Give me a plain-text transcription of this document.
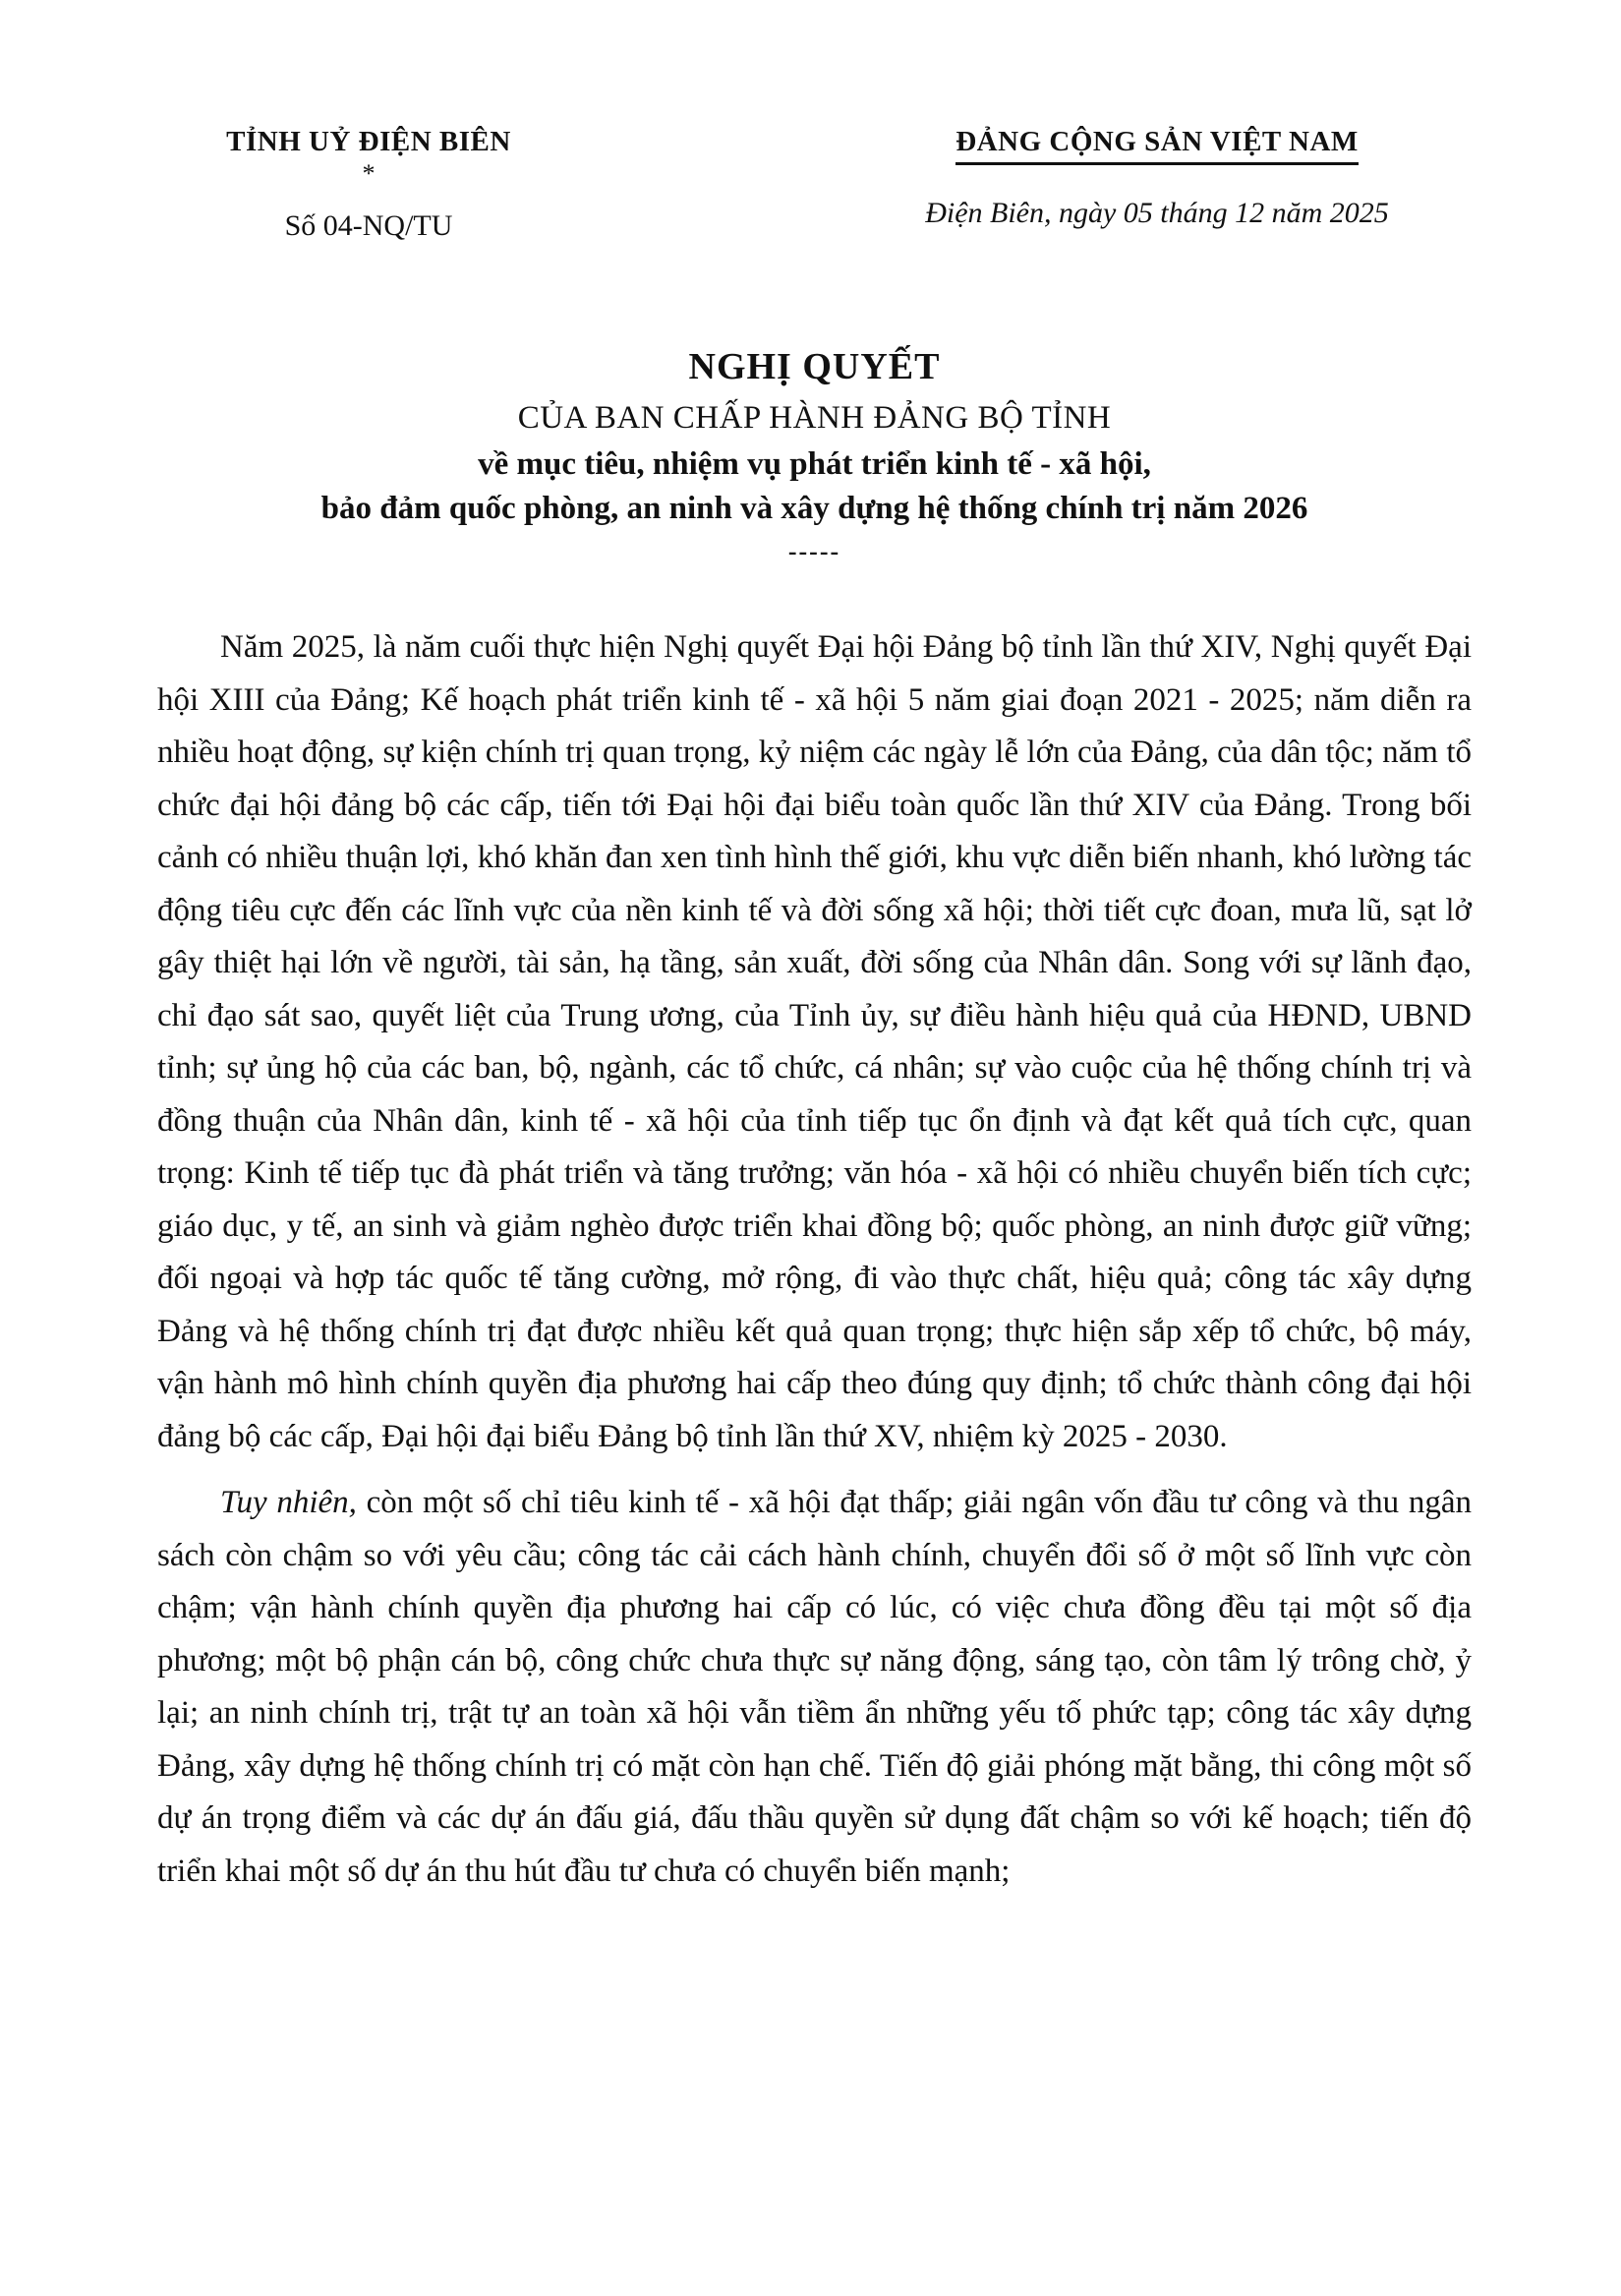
TỈNH UỶ ĐIỆN BIÊN
*
Số 04-NQ/TU
ĐẢNG CỘNG SẢN VIỆT NAM
Điện Biên, ngày 05 tháng 12 năm 2025
NGHỊ QUYẾT
CỦA BAN CHẤP HÀNH ĐẢNG BỘ TỈNH
về mục tiêu, nhiệm vụ phát triển kinh tế - xã hội,
bảo đảm quốc phòng, an ninh và xây dựng hệ thống chính trị năm 2026
-----

Năm 2025, là năm cuối thực hiện Nghị quyết Đại hội Đảng bộ tỉnh lần thứ XIV, Nghị quyết Đại hội XIII của Đảng; Kế hoạch phát triển kinh tế - xã hội 5 năm giai đoạn 2021 - 2025; năm diễn ra nhiều hoạt động, sự kiện chính trị quan trọng, kỷ niệm các ngày lễ lớn của Đảng, của dân tộc; năm tổ chức đại hội đảng bộ các cấp, tiến tới Đại hội đại biểu toàn quốc lần thứ XIV của Đảng. Trong bối cảnh có nhiều thuận lợi, khó khăn đan xen tình hình thế giới, khu vực diễn biến nhanh, khó lường tác động tiêu cực đến các lĩnh vực của nền kinh tế và đời sống xã hội; thời tiết cực đoan, mưa lũ, sạt lở gây thiệt hại lớn về người, tài sản, hạ tầng, sản xuất, đời sống của Nhân dân. Song với sự lãnh đạo, chỉ đạo sát sao, quyết liệt của Trung ương, của Tỉnh ủy, sự điều hành hiệu quả của HĐND, UBND tỉnh; sự ủng hộ của các ban, bộ, ngành, các tổ chức, cá nhân; sự vào cuộc của hệ thống chính trị và đồng thuận của Nhân dân, kinh tế - xã hội của tỉnh tiếp tục ổn định và đạt kết quả tích cực, quan trọng: Kinh tế tiếp tục đà phát triển và tăng trưởng; văn hóa - xã hội có nhiều chuyển biến tích cực; giáo dục, y tế, an sinh và giảm nghèo được triển khai đồng bộ; quốc phòng, an ninh được giữ vững; đối ngoại và hợp tác quốc tế tăng cường, mở rộng, đi vào thực chất, hiệu quả; công tác xây dựng Đảng và hệ thống chính trị đạt được nhiều kết quả quan trọng; thực hiện sắp xếp tổ chức, bộ máy, vận hành mô hình chính quyền địa phương hai cấp theo đúng quy định; tổ chức thành công đại hội đảng bộ các cấp, Đại hội đại biểu Đảng bộ tỉnh lần thứ XV, nhiệm kỳ 2025 - 2030.

Tuy nhiên, còn một số chỉ tiêu kinh tế - xã hội đạt thấp; giải ngân vốn đầu tư công và thu ngân sách còn chậm so với yêu cầu; công tác cải cách hành chính, chuyển đổi số ở một số lĩnh vực còn chậm; vận hành chính quyền địa phương hai cấp có lúc, có việc chưa đồng đều tại một số địa phương; một bộ phận cán bộ, công chức chưa thực sự năng động, sáng tạo, còn tâm lý trông chờ, ỷ lại; an ninh chính trị, trật tự an toàn xã hội vẫn tiềm ẩn những yếu tố phức tạp; công tác xây dựng Đảng, xây dựng hệ thống chính trị có mặt còn hạn chế. Tiến độ giải phóng mặt bằng, thi công một số dự án trọng điểm và các dự án đấu giá, đấu thầu quyền sử dụng đất chậm so với kế hoạch; tiến độ triển khai một số dự án thu hút đầu tư chưa có chuyển biến mạnh;
